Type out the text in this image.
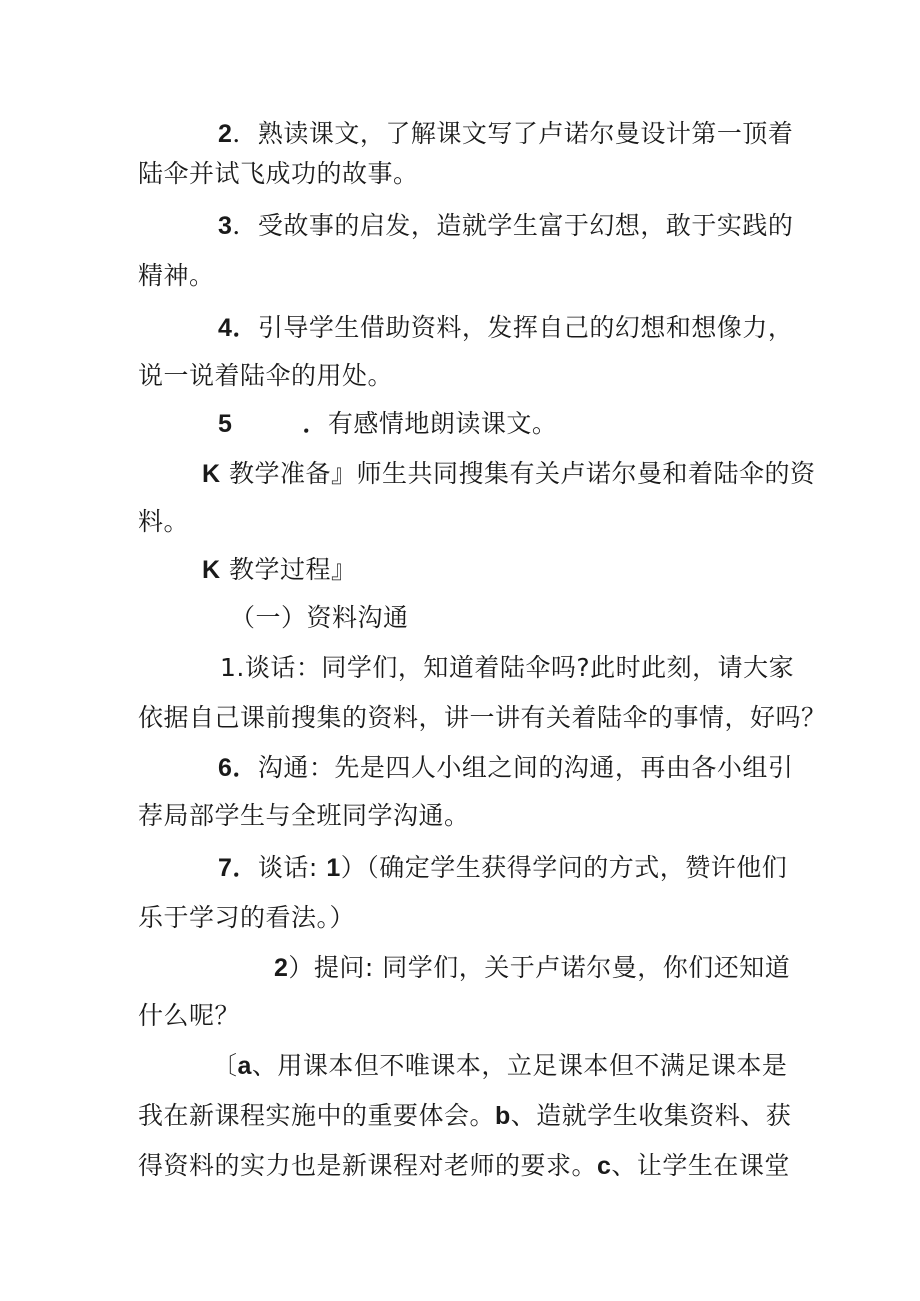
2．熟读课文，了解课文写了卢诺尔曼设计第一顶着
陆伞并试飞成功的故事。
3．受故事的启发，造就学生富于幻想，敢于实践的
精神。
4．引导学生借助资料，发挥自己的幻想和想像力，
说一说着陆伞的用处。
5	．有感情地朗读课文。
K 教学准备』师生共同搜集有关卢诺尔曼和着陆伞的资
料。
K 教学过程』
（一）资料沟通
1.谈话：同学们，知道着陆伞吗?此时此刻，请大家
依据自己课前搜集的资料，讲一讲有关着陆伞的事情，好吗？
6．沟通：先是四人小组之间的沟通，再由各小组引
荐局部学生与全班同学沟通。
7．谈话: 1）（确定学生获得学问的方式，赞许他们
乐于学习的看法。）
2）提问: 同学们，关于卢诺尔曼，你们还知道
什么呢？
〔a、用课本但不唯课本，立足课本但不满足课本是
我在新课程实施中的重要体会。b、造就学生收集资料、获
得资料的实力也是新课程对老师的要求。c、让学生在课堂
